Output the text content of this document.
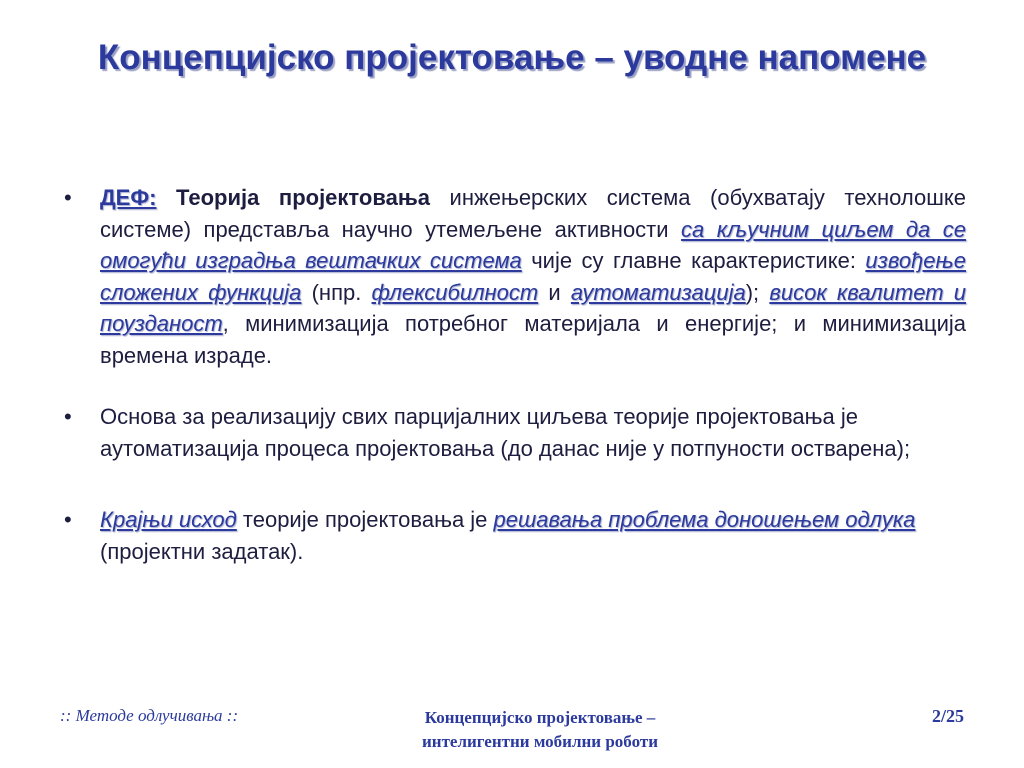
Концепцијско пројектовање – уводне напомене
• ДЕФ: Теорија пројектовања инжењерских система (обухватају технолошке системе) представља научно утемељене активности са кључним циљем да се омогући изградња вештачких система чије су главне карактеристике: извођење сложених функција (нпр. флексибилност и аутоматизација); висок квалитет и поузданост, минимизација потребног материјала и енергије; и минимизација времена израде.
• Основа за реализацију свих парцијалних циљева теорије пројектовања је аутоматизација процеса пројектовања (до данас није у потпуности остварена);
• Крајњи исход теорије пројектовања је решавања проблема доношењем одлука (пројектни задатак).
:: Методе одлучивања ::	Концепцијско пројектовање –
интелигентни мобилни роботи
2/25
